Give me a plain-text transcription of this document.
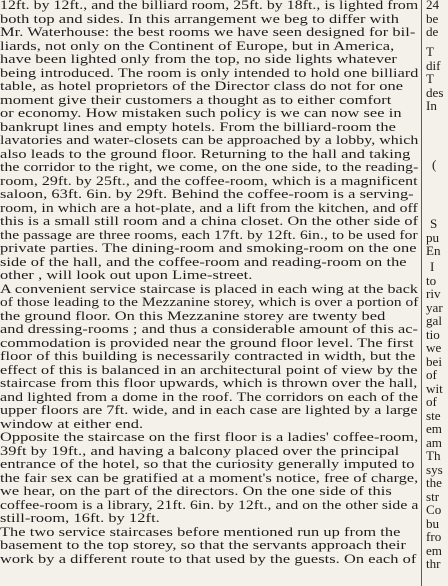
12ft. by 12ft., and the billiard room, 25ft. by 18ft., is lighted from
both top and sides. In this arrangement we beg to differ with
Mr. Waterhouse: the best rooms we have seen designed for bil-
liards, not only on the Continent of Europe, but in America,
have been lighted only from the top, no side lights whatever
being introduced. The room is only intended to hold one billiard
table, as hotel proprietors of the Director class do not for one
moment give their customers a thought as to either comfort
or economy. How mistaken such policy is we can now see in
bankrupt lines and empty hotels. From the billiard-room the
lavatories and water-closets can be approached by a lobby, which
also leads to the ground floor. Returning to the hall and taking
the corridor to the right, we come, on the one side, to the reading-
room, 29ft. by 25ft., and the coffee-room, which is a magnificent
saloon, 63ft. 6in. by 29ft. Behind the coffee-room is a serving-
room, in which are a hot-plate, and a lift from the kitchen, and off
this is a small still room and a china closet. On the other side of
the passage are three rooms, each 17ft. by 12ft. 6in., to be used for
private parties. The dining-room and smoking-room on the one
side of the hall, and the coffee-room and reading-room on the
other , will look out upon Lime-street.
A convenient service staircase is placed in each wing at the back
of those leading to the Mezzanine storey, which is over a portion of
the ground floor. On this Mezzanine storey are twenty bed
and dressing-rooms ; and thus a considerable amount of this ac-
commodation is provided near the ground floor level. The first
floor of this building is necessarily contracted in width, but the
effect of this is balanced in an architectural point of view by the
staircase from this floor upwards, which is thrown over the hall,
and lighted from a dome in the roof. The corridors on each of the
upper floors are 7ft. wide, and in each case are lighted by a large
window at either end.
Opposite the staircase on the first floor is a ladies' coffee-room,
39ft by 19ft., and having a balcony placed over the principal
entrance of the hotel, so that the curiosity generally imputed to
the fair sex can be gratified at a moment's notice, free of charge,
we hear, on the part of the directors. On the one side of this
coffee-room is a library, 21ft. 6in. by 12ft., and on the other side a
still-room, 16ft. by 12ft.
The two service staircases before mentioned run up from the
basement to the top storey, so that the servants approach their
work by a different route to that used by the guests. On each of
24
be
de
T
dif
T
des
In
(
S
pu
En
I
to
riv
yar
gal
tio
we
bei
of
wit
of
ste
em
am
Th
sys
the
str
Co
bu
fro
em
thr
